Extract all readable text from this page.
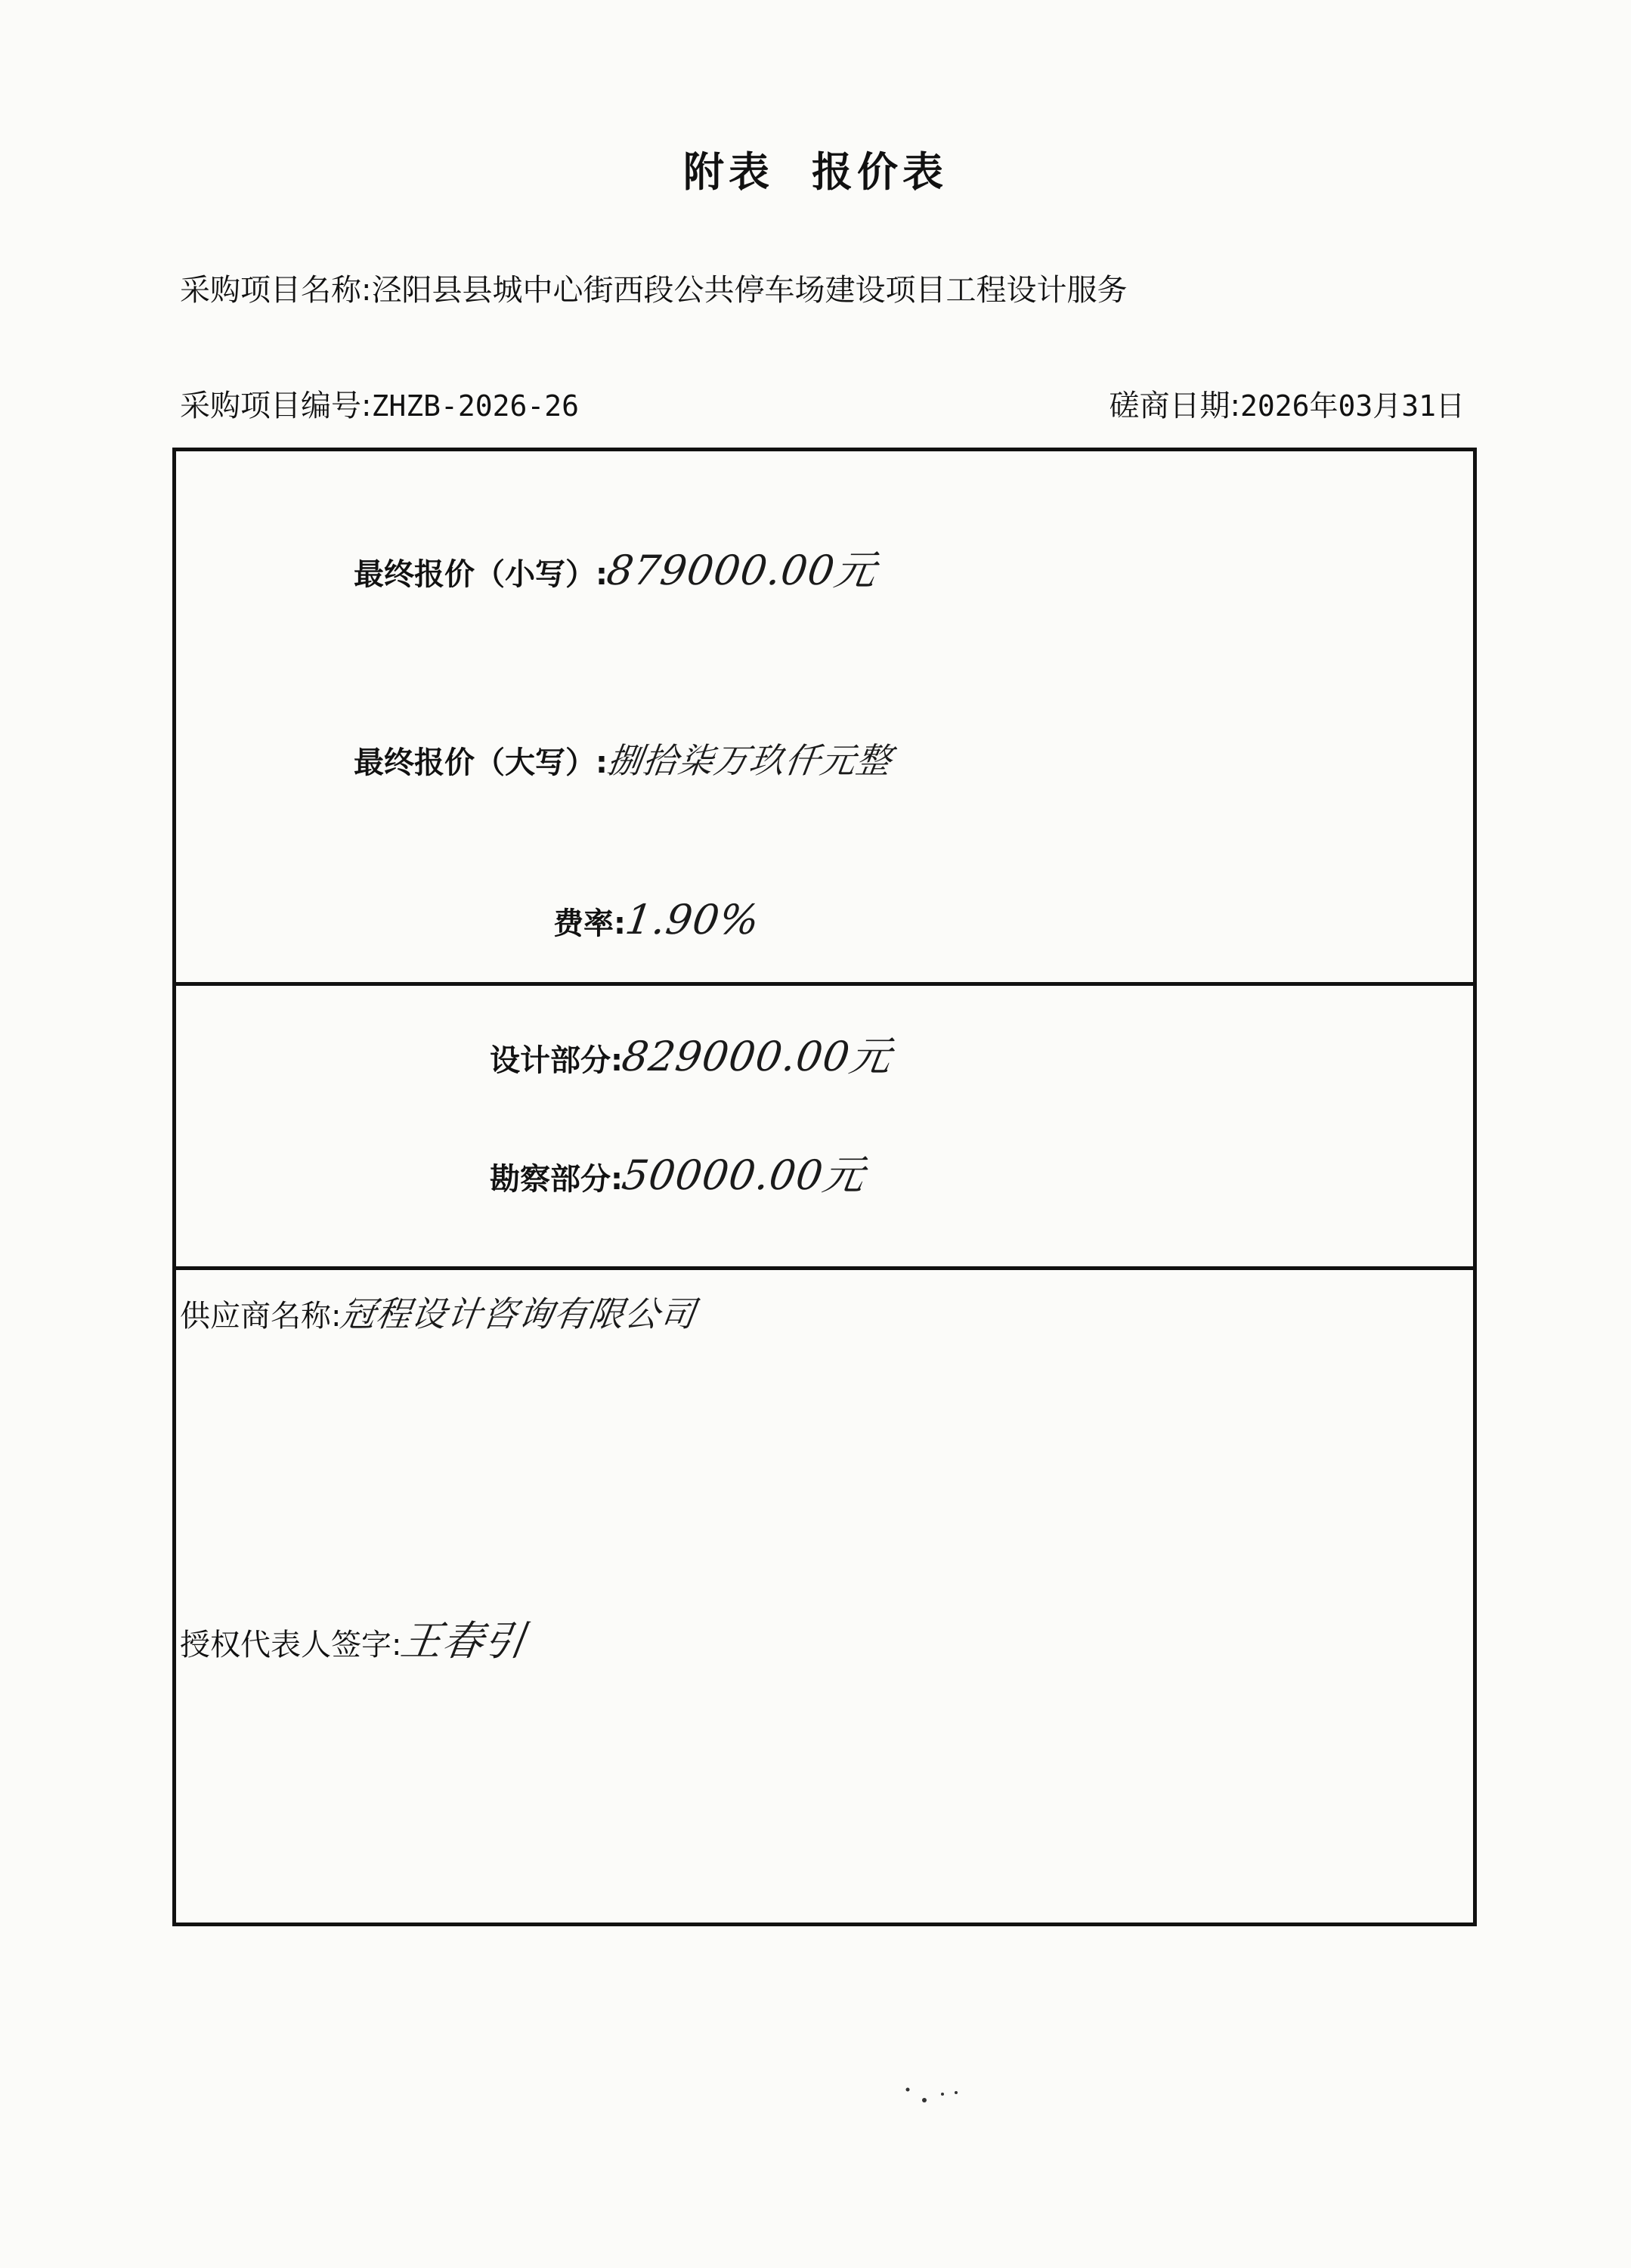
附表 报价表
采购项目名称:泾阳县县城中心街西段公共停车场建设项目工程设计服务
采购项目编号:ZHZB-2026-26	磋商日期:2026年03月31日
最终报价（小写）:
879000.00元
最终报价（大写）:
捌拾柒万玖仟元整
费率:
1.90%
设计部分:
829000.00元
勘察部分:
50000.00元
供应商名称:
冠程设计咨询有限公司
授权代表人签字:
王春引
